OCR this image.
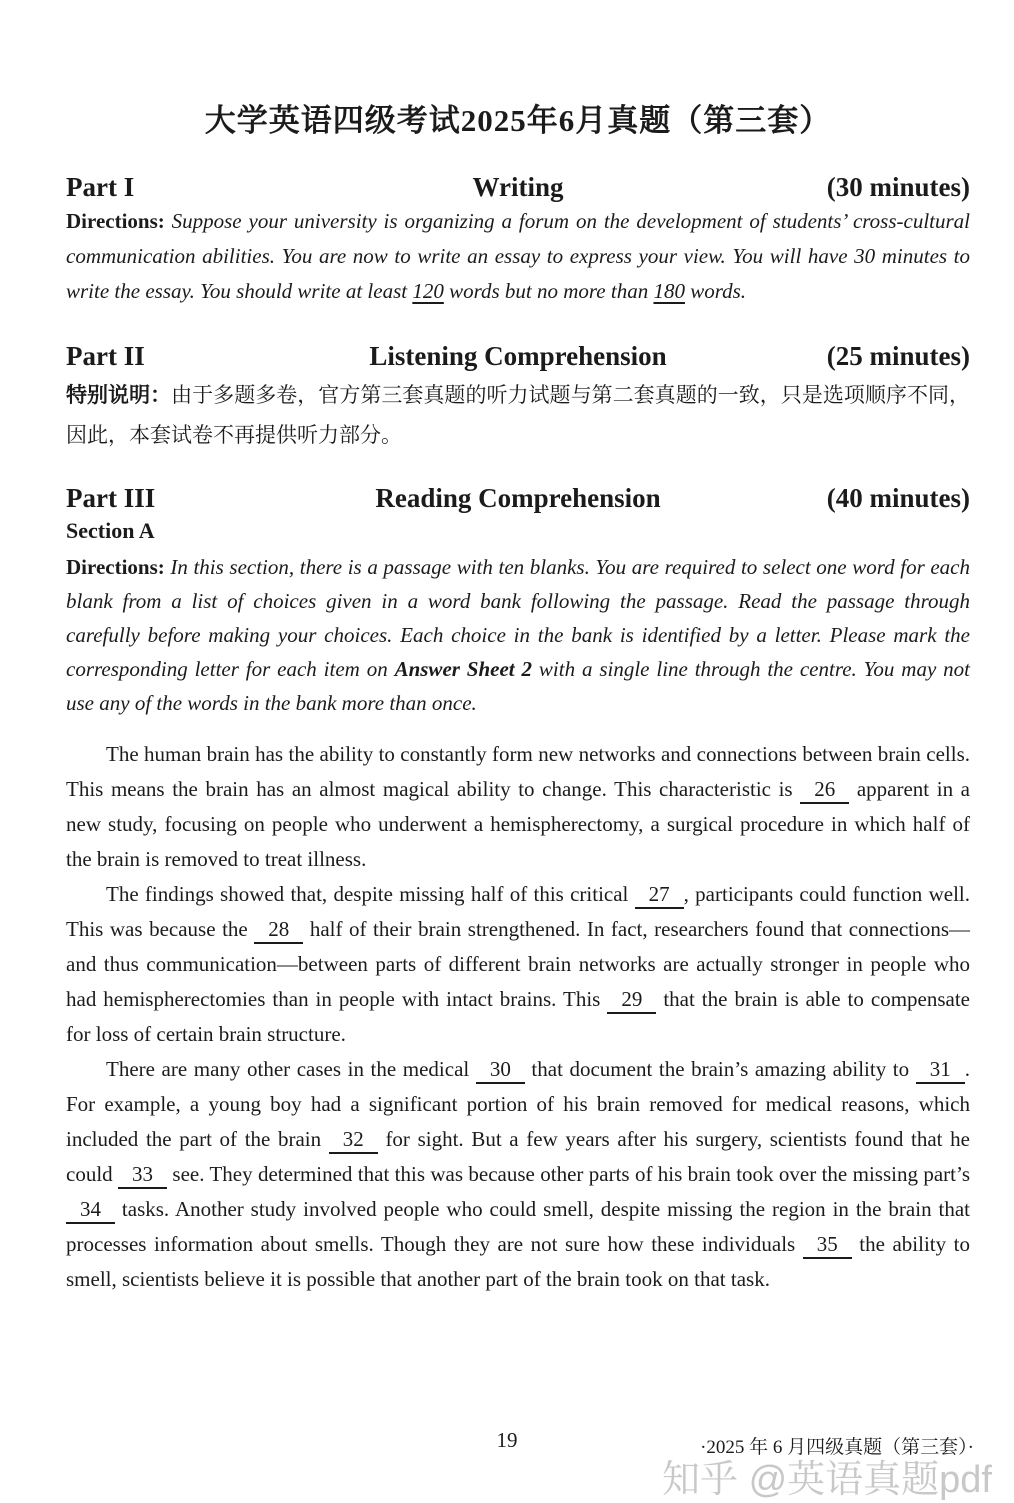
大学英语四级考试2025年6月真题（第三套）
Part I	Writing	(30 minutes)
Directions: Suppose your university is organizing a forum on the development of students’ cross-cultural communication abilities. You are now to write an essay to express your view. You will have 30 minutes to write the essay. You should write at least 120 words but no more than 180 words.
Part II	Listening Comprehension	(25 minutes)
特别说明：由于多题多卷，官方第三套真题的听力试题与第二套真题的一致，只是选项顺序不同，因此，本套试卷不再提供听力部分。
Part III	Reading Comprehension	(40 minutes)
Section A
Directions: In this section, there is a passage with ten blanks. You are required to select one word for each blank from a list of choices given in a word bank following the passage. Read the passage through carefully before making your choices. Each choice in the bank is identified by a letter. Please mark the corresponding letter for each item on Answer Sheet 2 with a single line through the centre. You may not use any of the words in the bank more than once.

The human brain has the ability to constantly form new networks and connections between brain cells. This means the brain has an almost magical ability to change. This characteristic is 26 apparent in a new study, focusing on people who underwent a hemispherectomy, a surgical procedure in which half of the brain is removed to treat illness.

The findings showed that, despite missing half of this critical 27 , participants could function well. This was because the 28 half of their brain strengthened. In fact, researchers found that connections—and thus communication—between parts of different brain networks are actually stronger in people who had hemispherectomies than in people with intact brains. This 29 that the brain is able to compensate for loss of certain brain structure.

There are many other cases in the medical 30 that document the brain’s amazing ability to 31 . For example, a young boy had a significant portion of his brain removed for medical reasons, which included the part of the brain 32 for sight. But a few years after his surgery, scientists found that he could 33 see. They determined that this was because other parts of his brain took over the missing part’s 34 tasks. Another study involved people who could smell, despite missing the region in the brain that processes information about smells. Though they are not sure how these individuals 35 the ability to smell, scientists believe it is possible that another part of the brain took on that task.

19	·2025 年 6 月四级真题（第三套）·
知乎 @英语真题pdf
